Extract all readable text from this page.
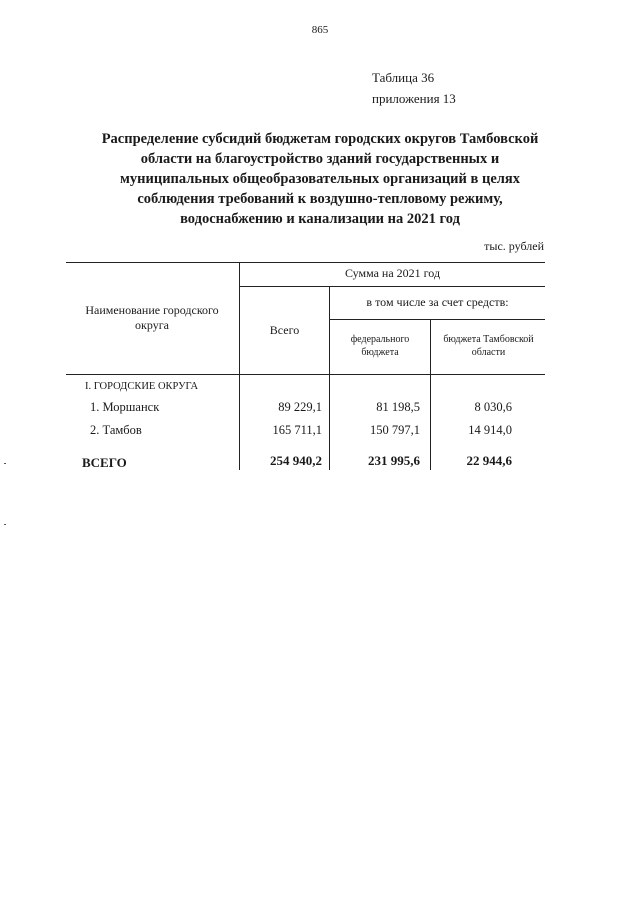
865
Таблица 36
приложения 13
Распределение субсидий бюджетам городских округов Тамбовской
области на благоустройство зданий государственных и
муниципальных общеобразовательных организаций в целях
соблюдения требований к воздушно-тепловому режиму,
водоснабжению и канализации на 2021 год
тыс. рублей
Наименование городского округа
Сумма на 2021 год
Всего
в том числе за счет средств:
федерального бюджета
бюджета Тамбовской области
I. ГОРОДСКИЕ ОКРУГА
1. Моршанск	89 229,1	81 198,5	8 030,6
2. Тамбов	165 711,1	150 797,1	14 914,0
ВСЕГО	254 940,2	231 995,6	22 944,6
